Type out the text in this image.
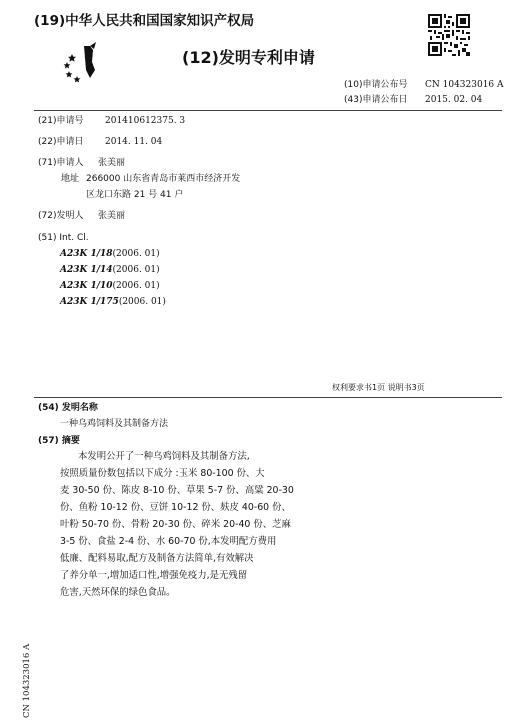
(19)中华人民共和国国家知识产权局
(12)发明专利申请
(10)申请公布号 CN 104323016 A
(43)申请公布日 2015. 02. 04
(21)申请号 201410612375. 3
(22)申请日 2014. 11. 04
(71)申请人 张美丽
地址 266000 山东省青岛市莱西市经济开发
区龙口东路 21 号 41 户
(72)发明人 张美丽
(51) Int. Cl.
A23K 1/18(2006. 01)
A23K 1/14(2006. 01)
A23K 1/10(2006. 01)
A23K 1/175(2006. 01)
权利要求书1页 说明书3页
(54) 发明名称
一种乌鸡饲料及其制备方法
(57) 摘要

本发明公开了一种乌鸡饲料及其制备方法,

按照质量份数包括以下成分 :玉米 80-100 份、大

麦 30-50 份、陈皮 8-10 份、草果 5-7 份、高粱 20-30

份、鱼粉 10-12 份、豆饼 10-12 份、麸皮 40-60 份、

叶粉 50-70 份、骨粉 20-30 份、碎米 20-40 份、芝麻

3-5 份、食盐 2-4 份、水 60-70 份,本发明配方费用

低廉、配料易取,配方及制备方法简单,有效解决

了养分单一,增加适口性,增强免疫力,是无残留

危害,天然环保的绿色食品。

CN 104323016 A
